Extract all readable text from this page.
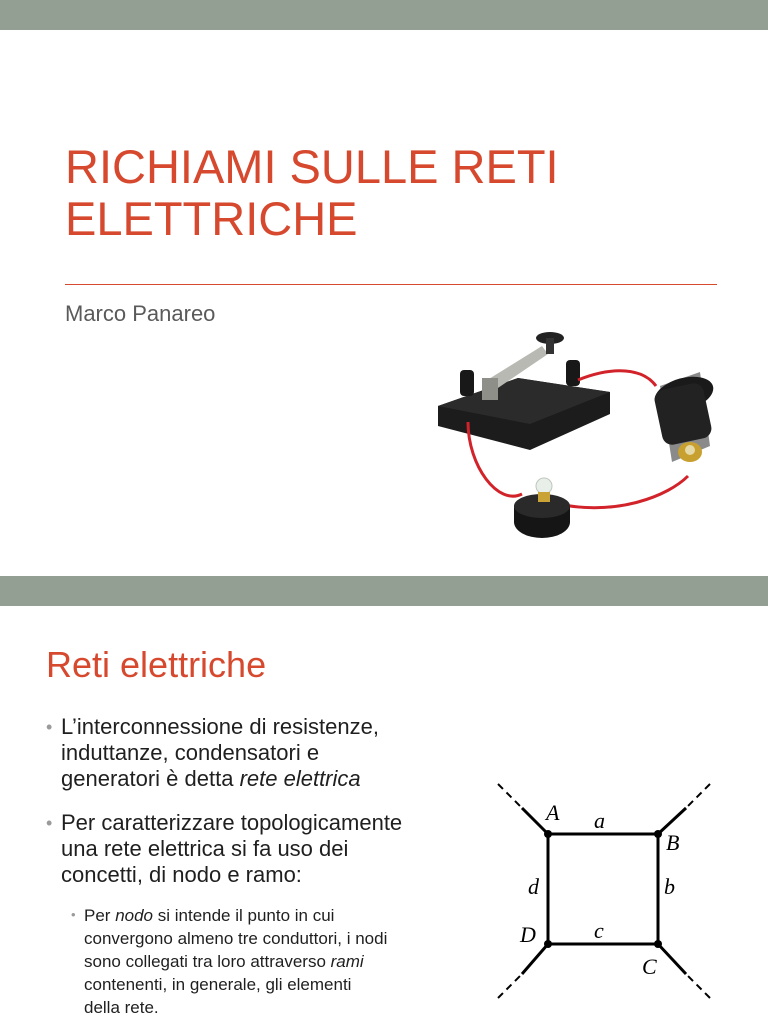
RICHIAMI SULLE RETI
ELETTRICHE
Marco Panareo
Reti elettriche
• L’interconnessione di resistenze,
induttanze, condensatori e
generatori è detta rete elettrica
• Per caratterizzare topologicamente
una rete elettrica si fa uso dei
concetti, di nodo e ramo:
• Per nodo si intende il punto in cui
convergono almeno tre conduttori, i nodi
sono collegati tra loro attraverso rami
contenenti, in generale, gli elementi
della rete.
A
B
C
D
a
b
c
d
